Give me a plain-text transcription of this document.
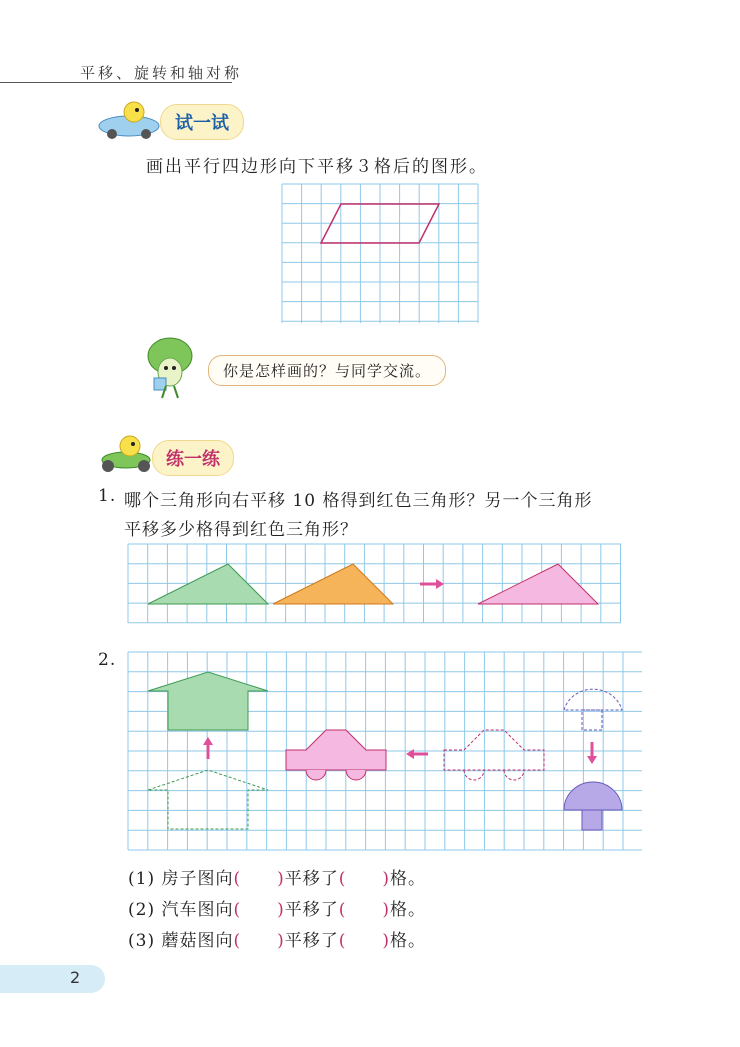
平移、旋转和轴对称
试一试
画出平行四边形向下平移３格后的图形。
你是怎样画的？与同学交流。
练一练
1. 哪个三角形向右平移 10 格得到红色三角形？另一个三角形
平移多少格得到红色三角形？
2.
(1) 房子图向(  )平移了(  )格。
(2) 汽车图向(  )平移了(  )格。
(3) 蘑菇图向(  )平移了(  )格。
2
